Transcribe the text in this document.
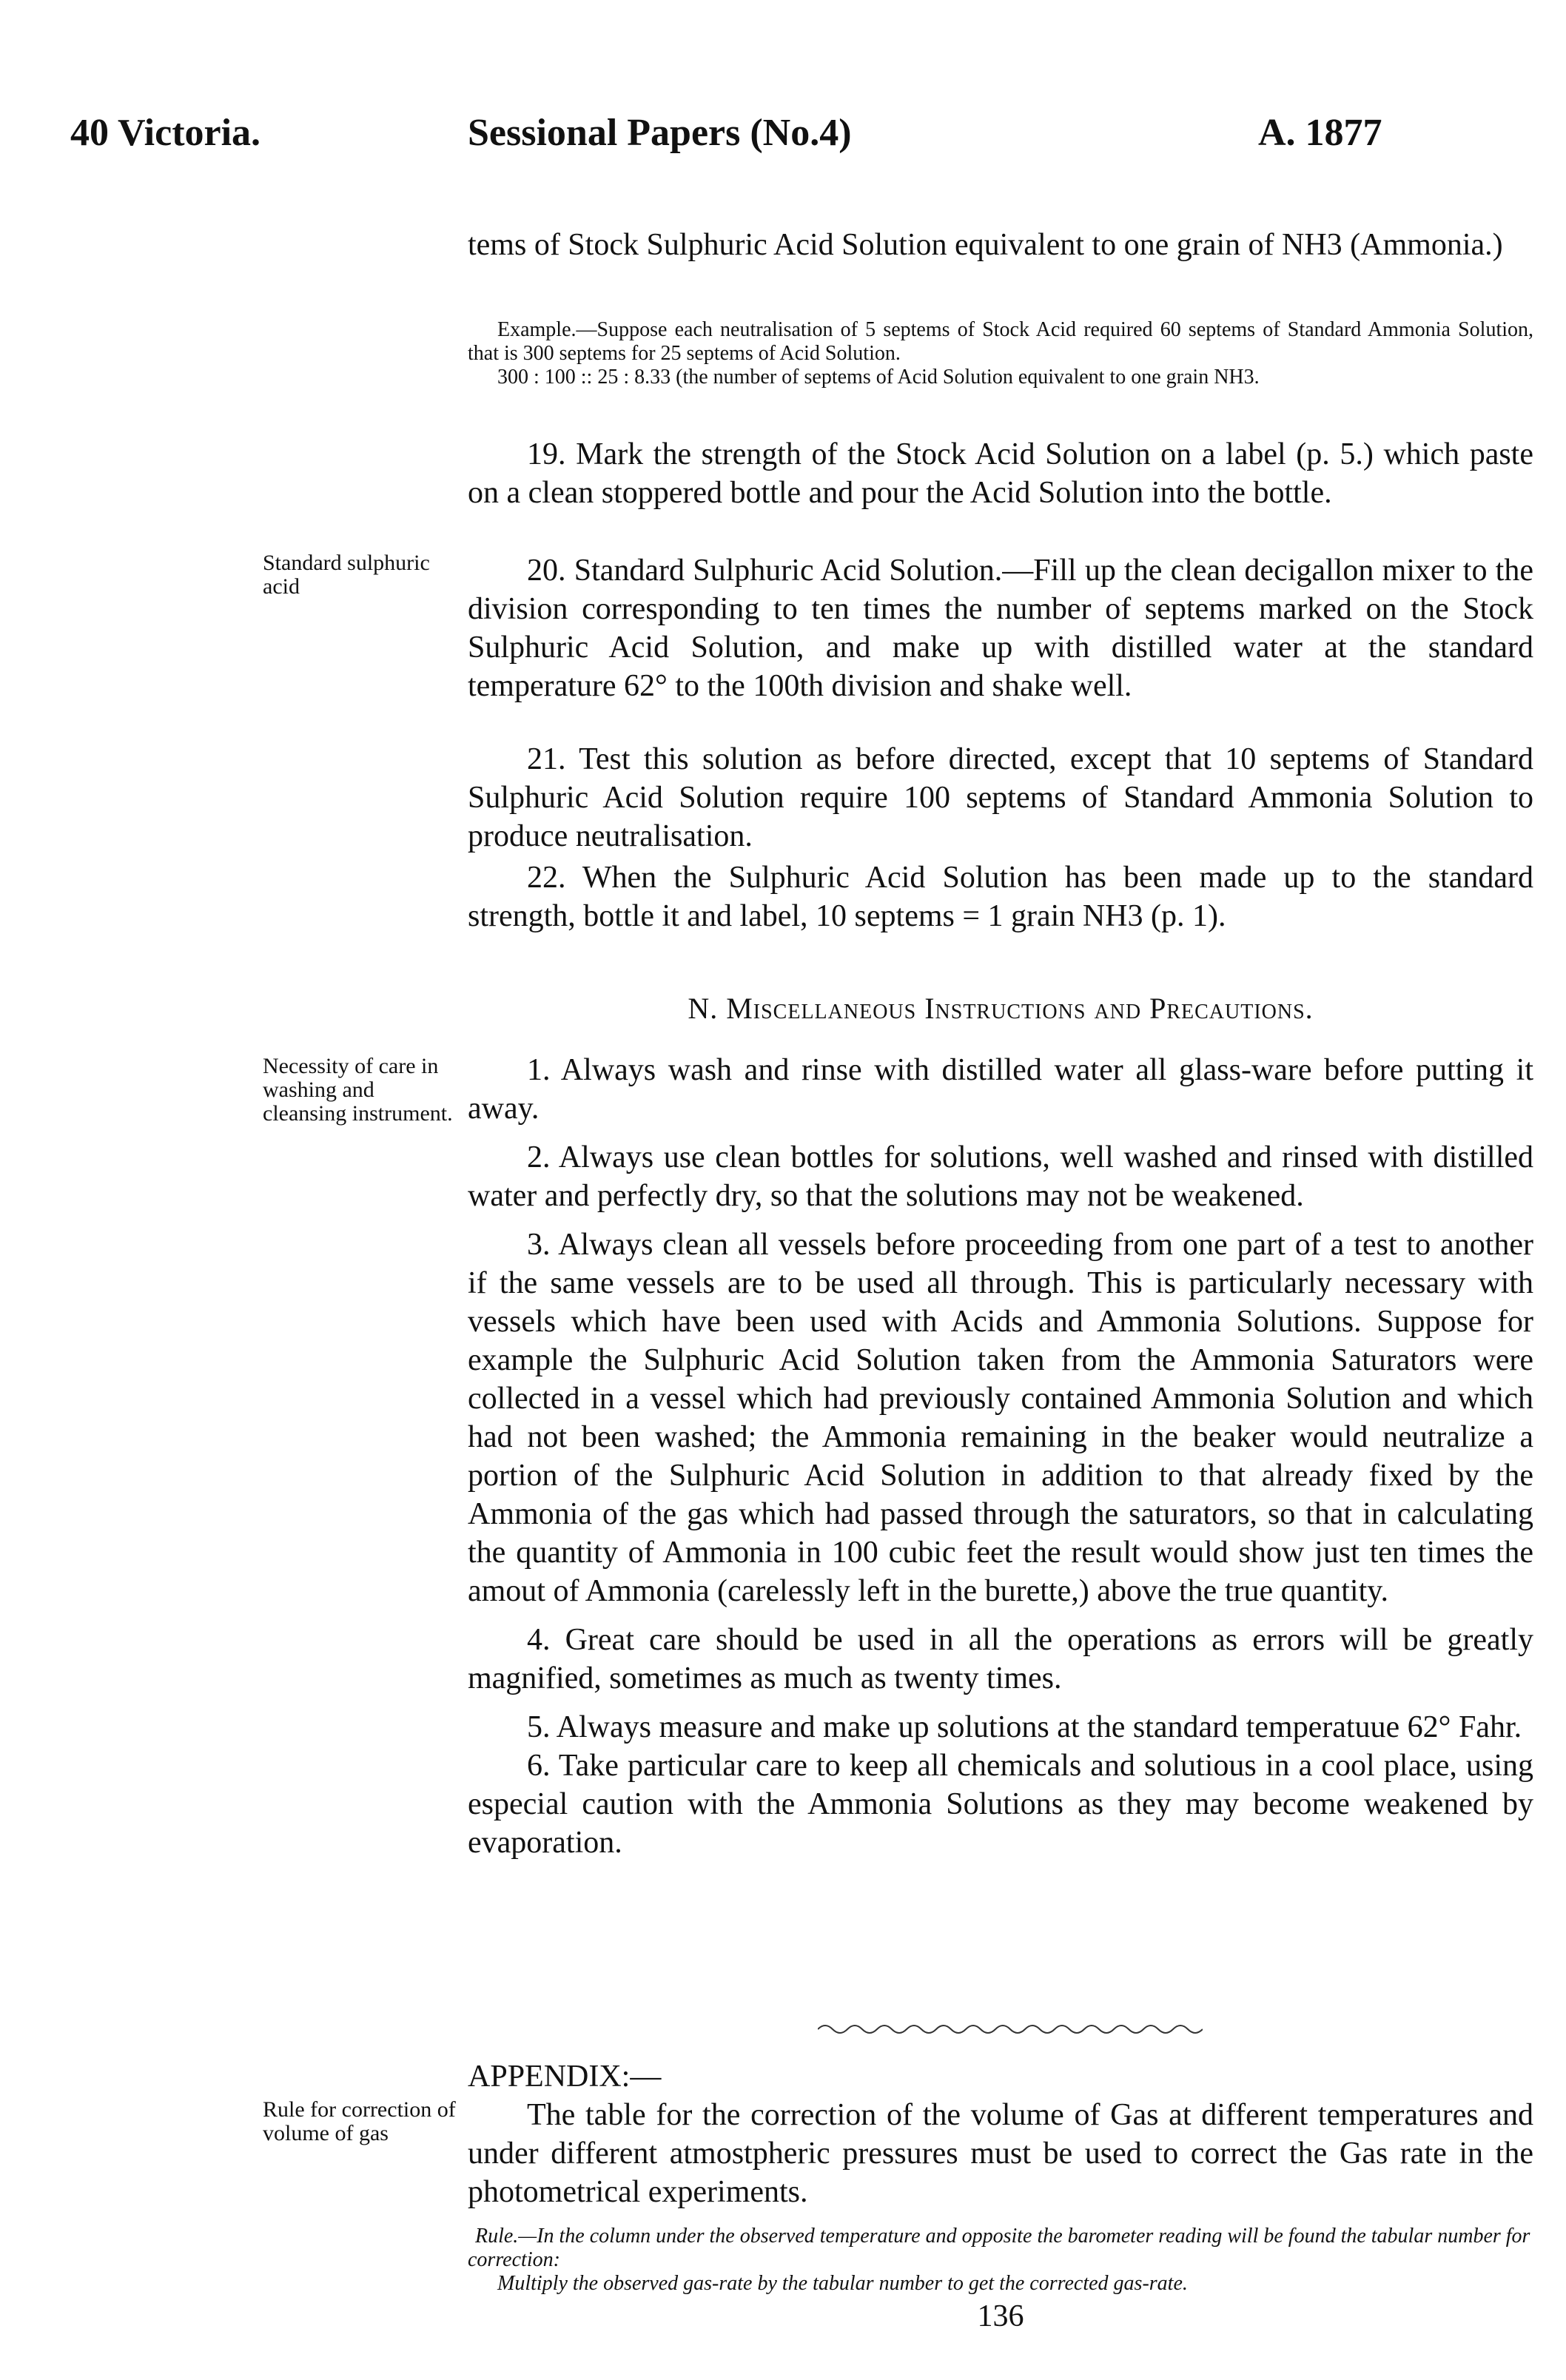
40 Victoria.	Sessional Papers (No.4)	A. 1877
Standard sulphuric acid
Necessity of care in washing and cleansing instrument.
Rule for correction of volume of gas

tems of Stock Sulphuric Acid Solution equivalent to one grain of NH3 (Ammonia.)

Example.—Suppose each neutralisation of 5 septems of Stock Acid required 60 septems of Standard Ammonia Solution, that is 300 septems for 25 septems of Acid Solution.

300 : 100 :: 25 : 8.33 (the number of septems of Acid Solution equivalent to one grain NH3.

19. Mark the strength of the Stock Acid Solution on a label (p. 5.) which paste on a clean stoppered bottle and pour the Acid Solution into the bottle.

20. Standard Sulphuric Acid Solution.—Fill up the clean decigallon mixer to the division corresponding to ten times the number of septems marked on the Stock Sulphuric Acid Solution, and make up with distilled water at the standard temperature 62° to the 100th division and shake well.

21. Test this solution as before directed, except that 10 septems of Standard Sulphuric Acid Solution require 100 septems of Standard Ammonia Solution to produce neutralisation.

22. When the Sulphuric Acid Solution has been made up to the standard strength, bottle it and label, 10 septems = 1 grain NH3 (p. 1).

N. Miscellaneous Instructions and Precautions.

1. Always wash and rinse with distilled water all glass-ware before putting it away.

2. Always use clean bottles for solutions, well washed and rinsed with distilled water and perfectly dry, so that the solutions may not be weakened.

3. Always clean all vessels before proceeding from one part of a test to another if the same vessels are to be used all through. This is particularly necessary with vessels which have been used with Acids and Ammonia Solutions. Suppose for example the Sulphuric Acid Solution taken from the Ammonia Saturators were collected in a vessel which had previously contained Ammonia Solution and which had not been washed; the Ammonia remaining in the beaker would neutralize a portion of the Sulphuric Acid Solution in addition to that already fixed by the Ammonia of the gas which had passed through the saturators, so that in calculating the quantity of Ammonia in 100 cubic feet the result would show just ten times the amout of Ammonia (carelessly left in the burette,) above the true quantity.

4. Great care should be used in all the operations as errors will be greatly magnified, sometimes as much as twenty times.

5. Always measure and make up solutions at the standard temperatuue 62° Fahr.

6. Take particular care to keep all chemicals and solutious in a cool place, using especial caution with the Ammonia Solutions as they may become weakened by evaporation.

APPENDIX:—

The table for the correction of the volume of Gas at different temperatures and under different atmostpheric pressures must be used to correct the Gas rate in the photometrical experiments.

Rule.—In the column under the observed temperature and opposite the barometer reading will be found the tabular number for correction:

Multiply the observed gas-rate by the tabular number to get the corrected gas-rate.

136
